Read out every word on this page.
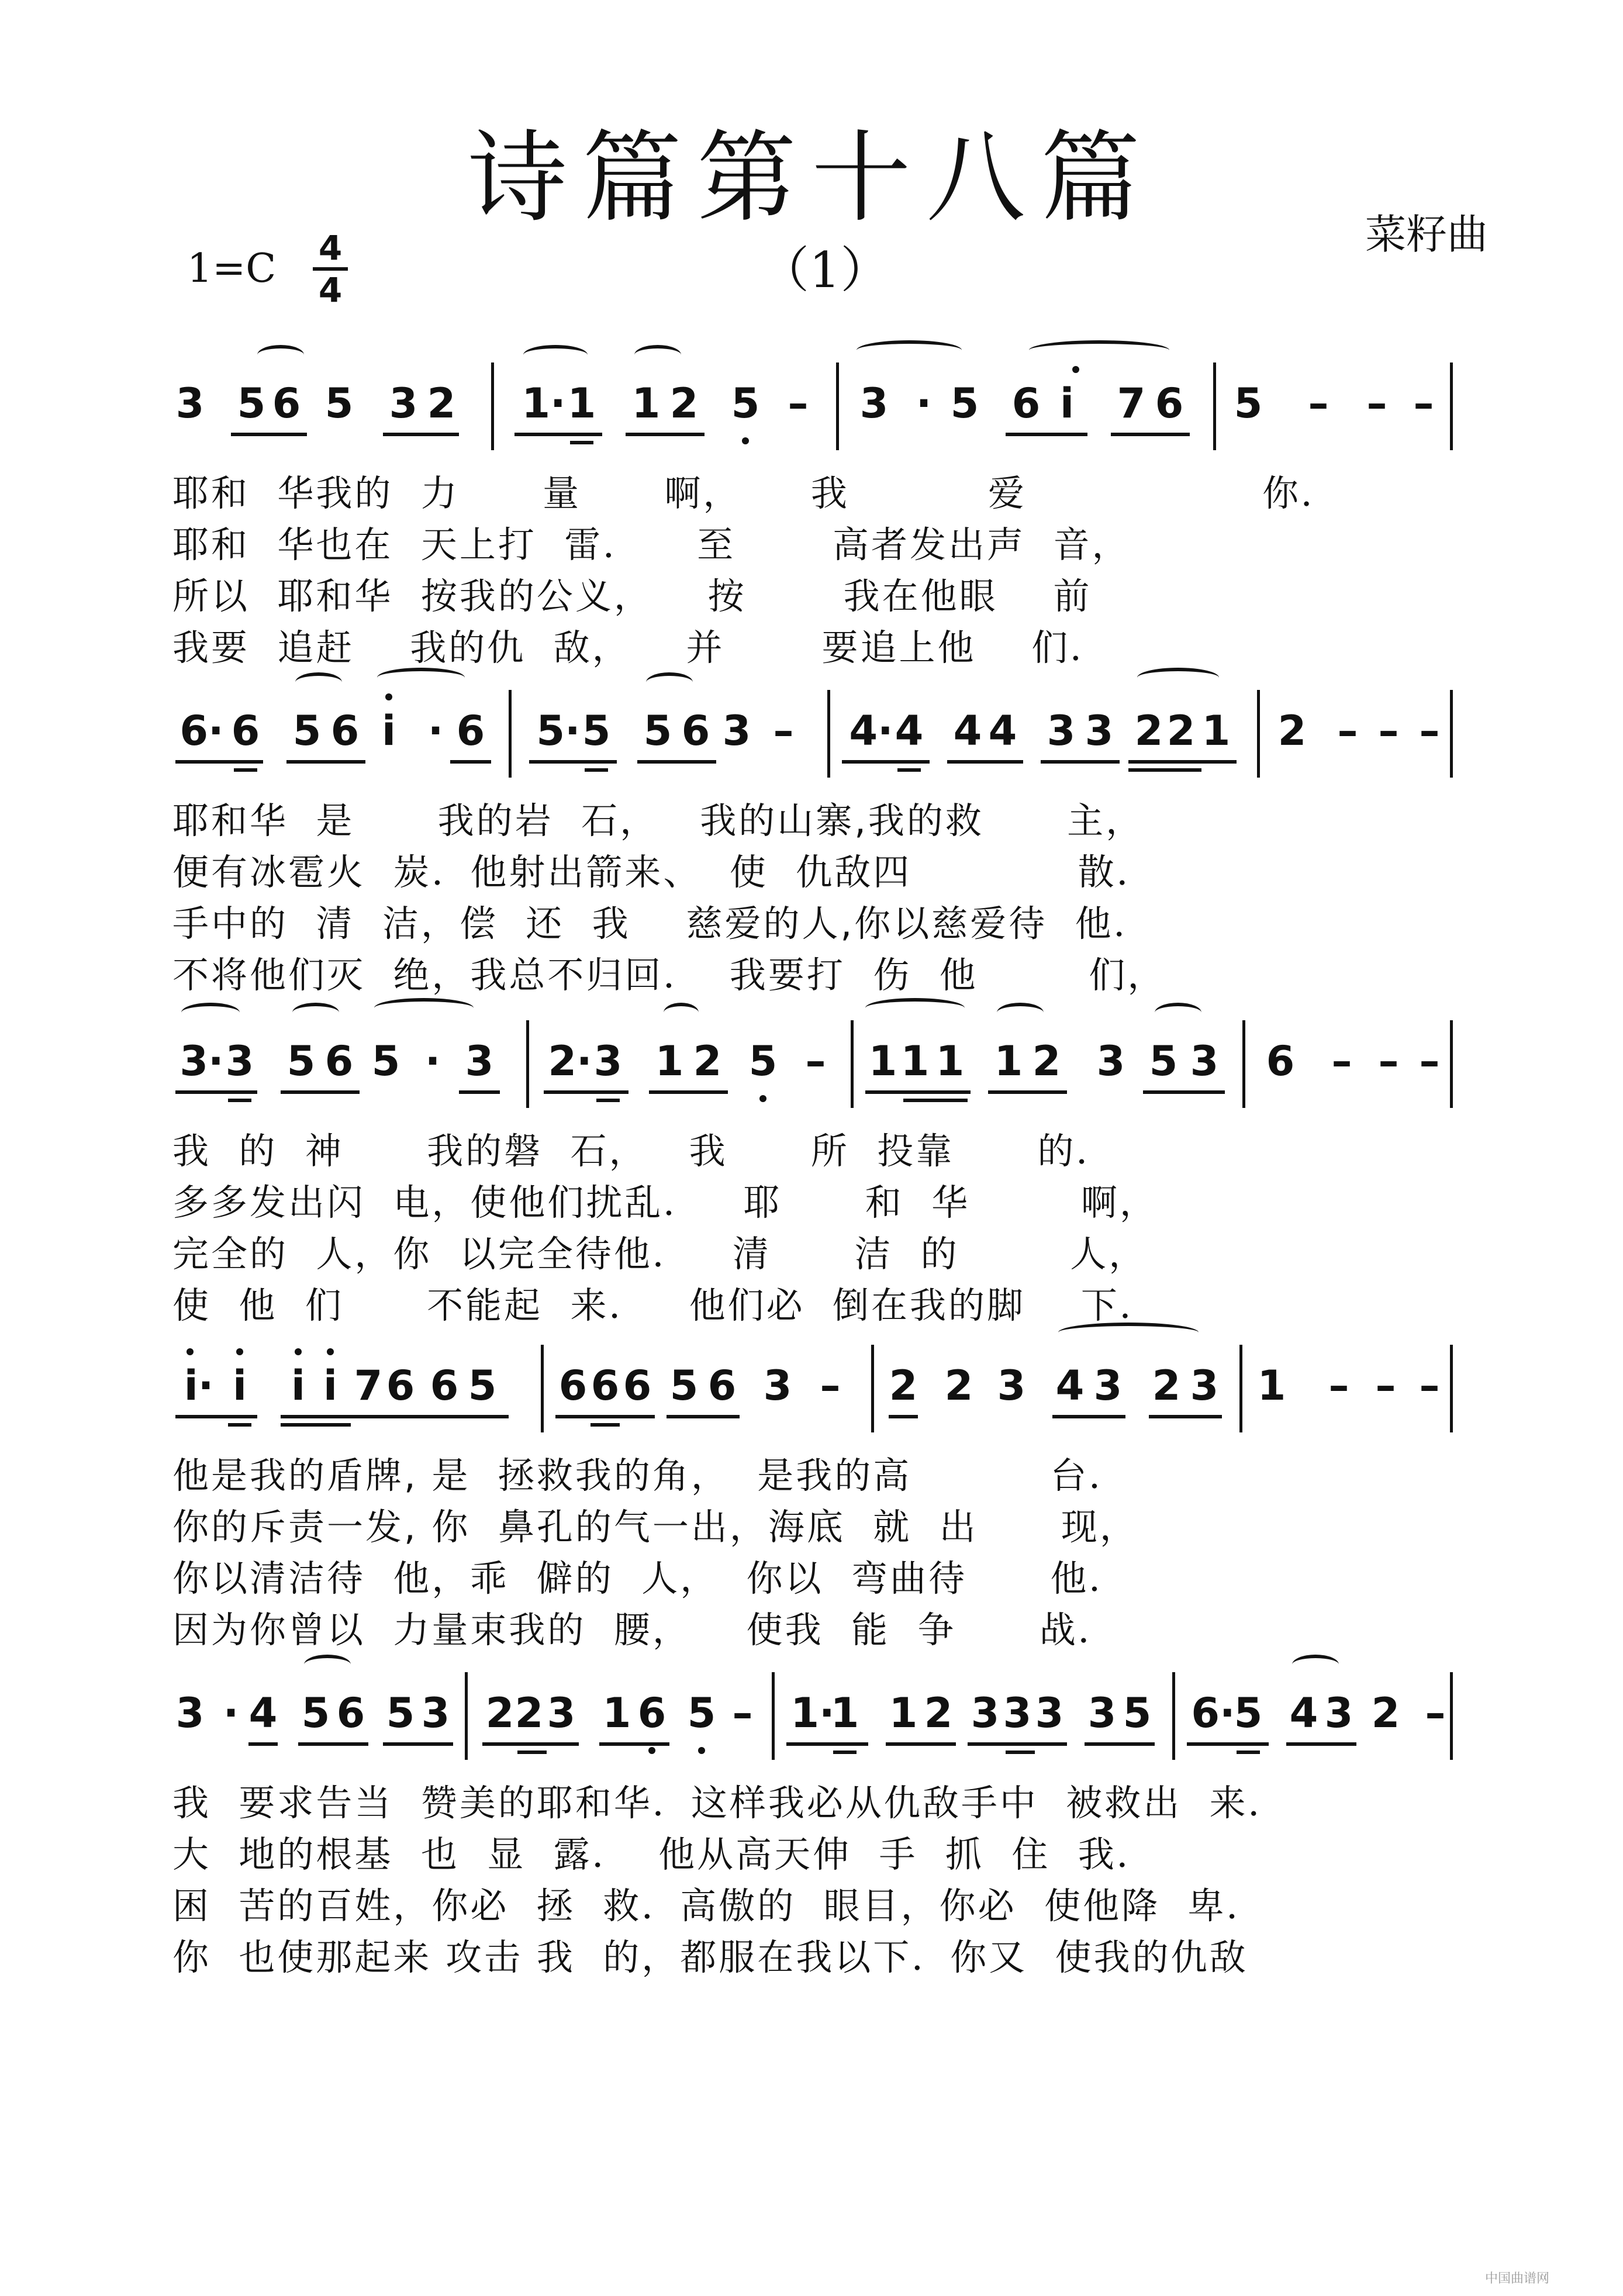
诗篇第十八篇
（1）
菜籽曲
1=C 4
4
3 5 6 5 3 2 1· 1 1 2 5 – 3 · 5 6 i	7 6 5 – – –
耶和  华我的  力      量      啊，     我          爱                 你．
耶和  华也在  天上打  雷．    至       高者发出声  音，
所以  耶和华  按我的公义，    按       我在他眼    前
我要  追赶    我的仇  敌，    并       要追上他    们．
6· 6 5 6 i · 6 5· 5 5 6 3 – 4· 4 4 4 3 3 2 2 1 2 – – –
耶和华  是      我的岩  石，   我的山寨,我的救      主，
便有冰雹火  炭．他射出箭来、  使  仇敌四            散．
手中的  清  洁，偿  还  我    慈爱的人,你以慈爱待  他．
不将他们灭  绝，我总不归回．  我要打  伤  他        们，
3· 3 5 6 5 · 3 2· 3 1 2 5 – 1 1 1 1 2 3 5 3 6 – – –
我  的  神      我的磐  石，   我      所  投靠      的．
多多发出闪  电，使他们扰乱．   耶      和  华        啊，
完全的  人，你  以完全待他．   清      洁  的        人，
使  他  们      不能起  来．   他们必  倒在我的脚    下．
i· i	i i 7 6 6 5 6 6 6 5 6 3 – 2 2 3 4 3 2 3 1 – – –
他是我的盾牌, 是  拯救我的角，  是我的高          台．
你的斥责一发, 你  鼻孔的气一出，海底  就  出      现，
你以清洁待  他，乖  僻的  人，  你以  弯曲待      他．
因为你曾以  力量束我的  腰，    使我  能  争      战．
3 · 4 5 6 5 3 2 2 3 1 6 5 – 1·
1 1 2 3 3 3 3 5 6·
5 4 3 2 –
我  要求告当  赞美的耶和华．这样我必从仇敌手中  被救出  来．
大  地的根基  也  显  露．  他从高天伸  手  抓  住  我．
困  苦的百姓，你必  拯  救．高傲的  眼目，你必  使他降  卑．
你  也使那起来 攻击 我  的，都服在我以下．你又  使我的仇敌
中国曲谱网
